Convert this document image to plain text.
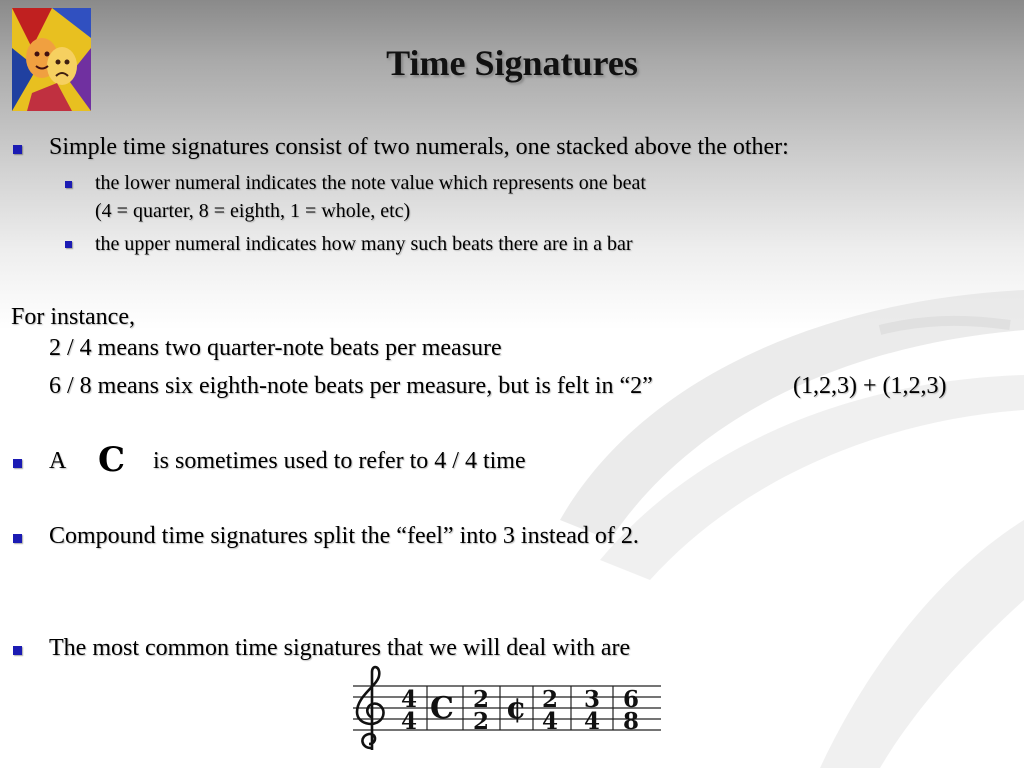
Time Signatures
Simple time signatures consist of two numerals, one stacked above the other:
the lower numeral indicates the note value which represents one beat
(4 = quarter, 8 = eighth, 1 = whole, etc)
the upper numeral indicates how many such beats there are in a bar
For instance,
2 / 4 means two quarter-note beats per measure
6 / 8 means six eighth-note beats per measure, but is felt in “2”	(1,2,3) + (1,2,3)
A C is sometimes used to refer to 4 / 4 time
Compound time signatures split the “feel” into 3 instead of 2.
The most common time signatures that we will deal with are
4
4 C 2
2 ¢ 2
4
3
4
6
8
